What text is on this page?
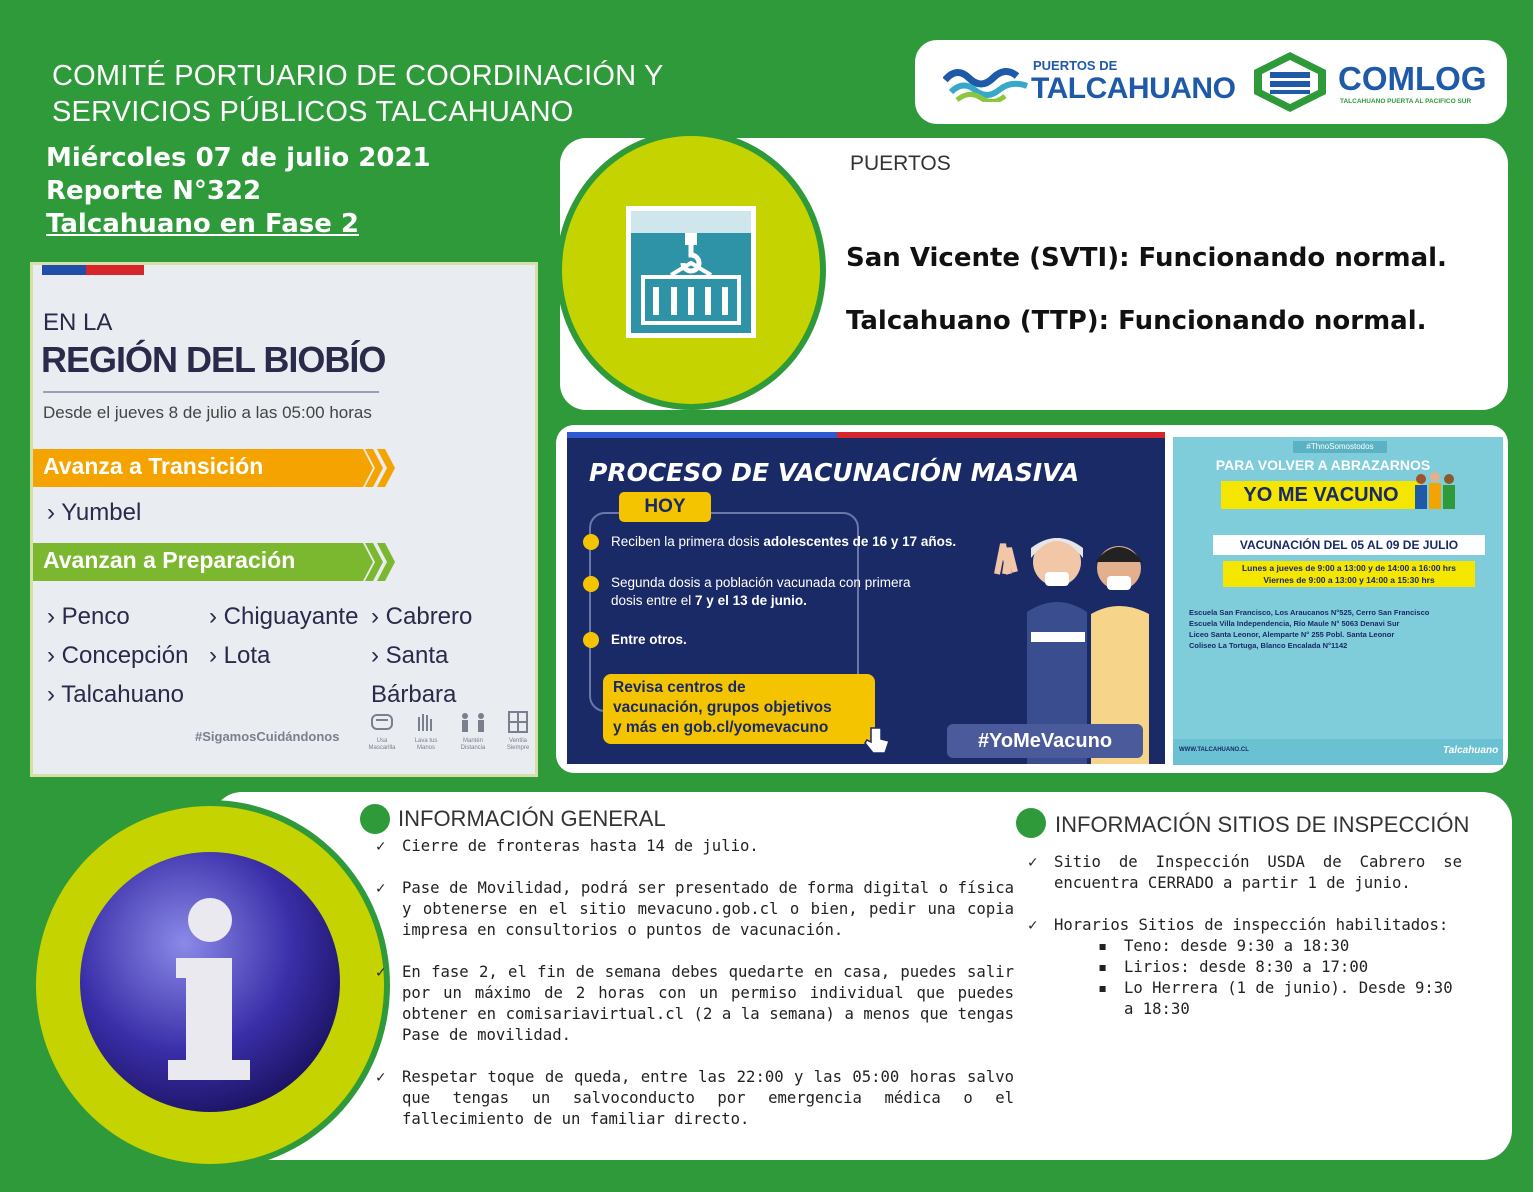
COMITÉ PORTUARIO DE COORDINACIÓN Y
SERVICIOS PÚBLICOS TALCAHUANO
Miércoles 07 de julio 2021
Reporte N°322
Talcahuano en Fase 2
PUERTOS DE
TALCAHUANO	COMLOG
TALCAHUANO PUERTA AL PACIFICO SUR
PUERTOS
San Vicente (SVTI): Funcionando normal.
Talcahuano (TTP): Funcionando normal.
EN LA
REGIÓN DEL BIOBÍO
Desde el jueves 8 de julio a las 05:00 horas
Avanza a Transición
› Yumbel
Avanzan a Preparación
› Penco
› Concepción
› Talcahuano
› Chiguayante
› Lota
› Cabrero
› Santa Bárbara
#SigamosCuidándonos	Usa Mascarilla
Lava tus Manos
Mantén Distancia
Ventila Siempre
PROCESO DE VACUNACIÓN MASIVA
HOY
Reciben la primera dosis adolescentes de 16 y 17 años.
Segunda dosis a población vacunada con primera
dosis entre el 7 y el 13 de junio.
Entre otros.
Revisa centros de
vacunación, grupos objetivos
y más en gob.cl/yomevacuno
#YoMeVacuno
#ThnoSomostodos
PARA VOLVER A ABRAZARNOS
YO ME VACUNO
VACUNACIÓN DEL 05 AL 09 DE JULIO
Lunes a jueves de 9:00 a 13:00 y de 14:00 a 16:00 hrs
Viernes de 9:00 a 13:00 y 14:00 a 15:30 hrs
Escuela San Francisco, Los Araucanos N°525, Cerro San Francisco
Escuela Villa Independencia, Río Maule N° 5063 Denavi Sur
Liceo Santa Leonor, Alemparte N° 255 Pobl. Santa Leonor
Coliseo La Tortuga, Blanco Encalada N°1142
WWW.TALCAHUANO.CL	Talcahuano
INFORMACIÓN GENERAL
✓	Cierre de fronteras hasta 14 de julio.
✓	Pase de Movilidad, podrá ser presentado de forma digital o física y obtenerse en el sitio mevacuno.gob.cl o bien, pedir una copia impresa en consultorios o puntos de vacunación.
✓	En fase 2, el fin de semana debes quedarte en casa, puedes salir por un máximo de 2 horas con un permiso individual que puedes obtener en comisariavirtual.cl (2 a la semana) a menos que tengas Pase de movilidad.
✓	Respetar toque de queda, entre las 22:00 y las 05:00 horas salvo que tengas un salvoconducto por emergencia médica o el fallecimiento de un familiar directo.
INFORMACIÓN SITIOS DE INSPECCIÓN
✓	Sitio de Inspección USDA de Cabrero se encuentra CERRADO a partir 1 de junio.
✓	Horarios Sitios de inspección habilitados:
▪	Teno: desde 9:30 a 18:30
▪	Lirios: desde 8:30 a 17:00
▪	Lo Herrera (1 de junio). Desde 9:30 a 18:30
